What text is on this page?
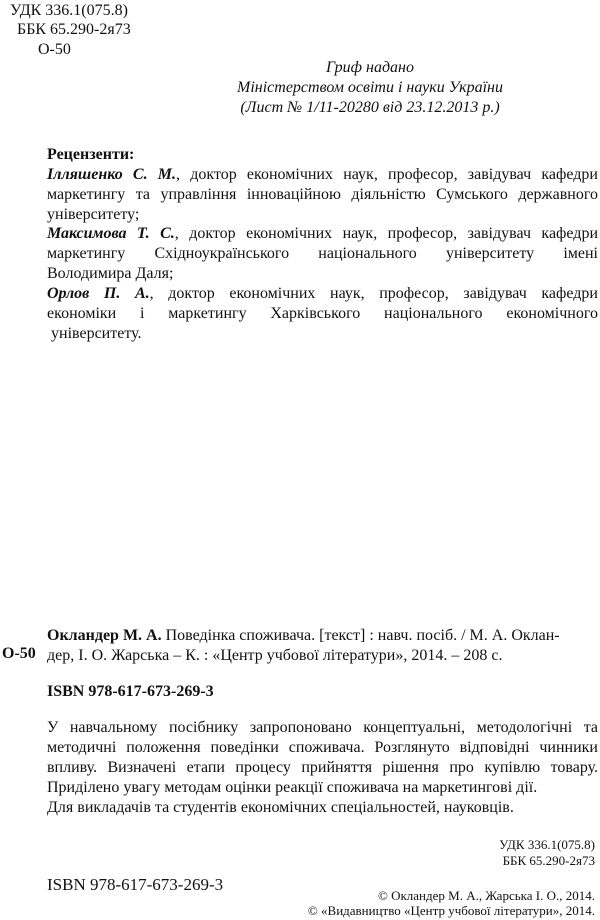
УДК 336.1(075.8)
ББК 65.290-2я73
О-50
Гриф надано
Міністерством освіти і науки України
(Лист № 1/11-20280 від 23.12.2013 р.)
Рецензенти:
Ілляшенко С. М., доктор економічних наук, професор, завідувач кафедри
маркетингу та управління інноваційною діяльністю Сумського державного
університету;
Максимова Т. С., доктор економічних наук, професор, завідувач кафедри
маркетингу Східноукраїнського національного університету імені
Володимира Даля;
Орлов П. А., доктор економічних наук, професор, завідувач кафедри
економіки і маркетингу Харківського національного економічного
університету.
О-50
Окландер М. А. Поведінка споживача. [текст] : навч. посіб. / М. А. Оклан-
дер, І. О. Жарська – К. : «Центр учбової літератури», 2014. – 208 с.
ISBN 978-617-673-269-3
У навчальному посібнику запропоновано концептуальні, методологічні та
методичні положення поведінки споживача. Розглянуто відповідні чинники
впливу. Визначені етапи процесу прийняття рішення про купівлю товару.
Приділено увагу методам оцінки реакції споживача на маркетингові дії.
Для викладачів та студентів економічних спеціальностей, науковців.
УДК 336.1(075.8)
ББК 65.290-2я73
ISBN 978-617-673-269-3
© Окландер М. А., Жарська І. О., 2014.
© «Видавництво «Центр учбової літератури», 2014.
